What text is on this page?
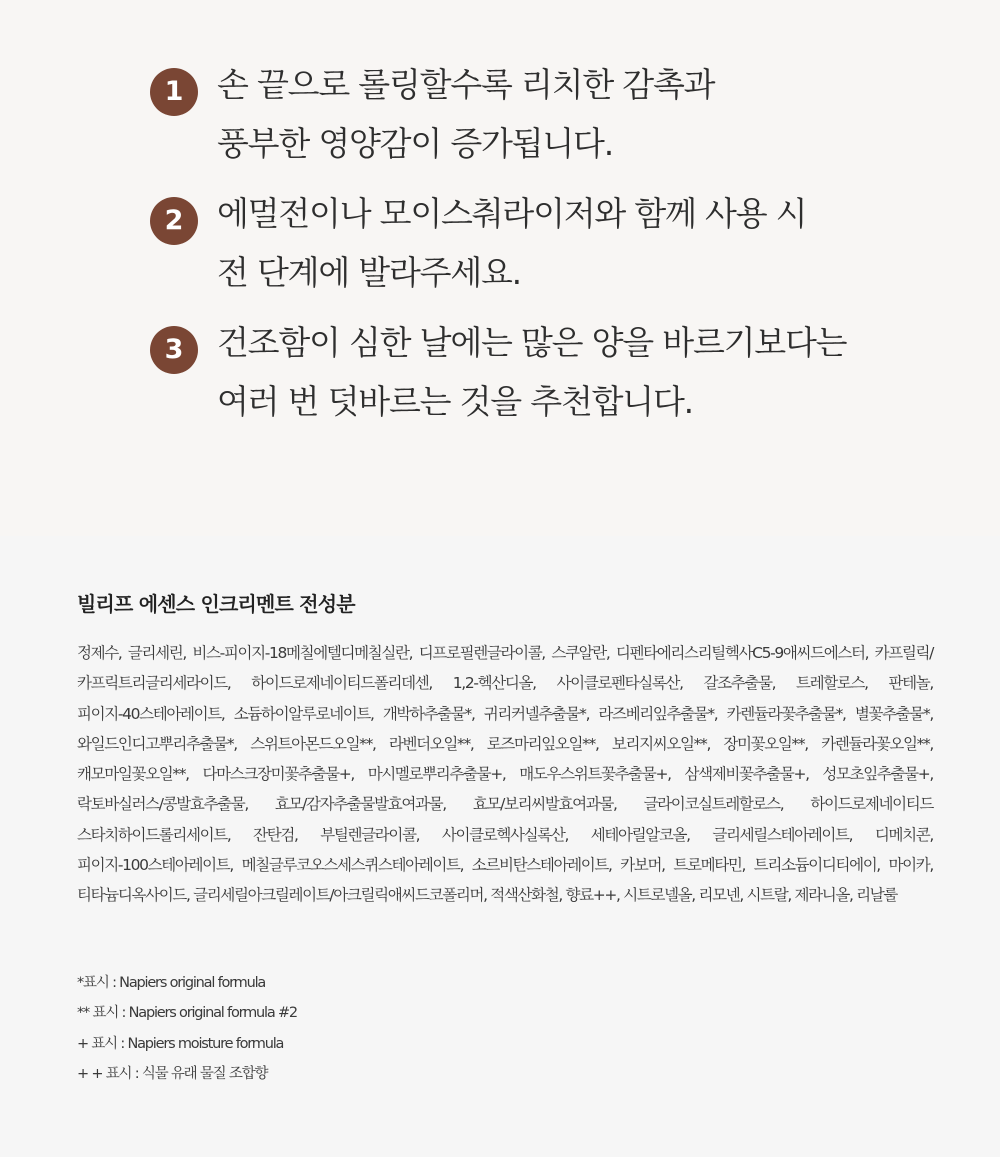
1	손 끝으로 롤링할수록 리치한 감촉과
풍부한 영양감이 증가됩니다.
2	에멀전이나 모이스춰라이저와 함께 사용 시
전 단계에 발라주세요.
3	건조함이 심한 날에는 많은 양을 바르기보다는
여러 번 덧바르는 것을 추천합니다.
빌리프 에센스 인크리멘트 전성분

정제수, 글리세린, 비스-피이지-18메칠에텔디메칠실란, 디프로필렌글라이콜, 스쿠알란, 디펜타에리스리틸헥사C5-9애씨드에스터, 카프릴릭/카프릭트리글리세라이드, 하이드로제네이티드폴리데센, 1,2-헥산디올, 사이클로펜타실록산, 갈조추출물, 트레할로스, 판테놀, 피이지-40스테아레이트, 소듐하이알루로네이트, 개박하추출물*, 귀리커넬추출물*, 라즈베리잎추출물*, 카렌듈라꽃추출물*, 별꽃추출물*, 와일드인디고뿌리추출물*, 스위트아몬드오일**, 라벤더오일**, 로즈마리잎오일**, 보리지씨오일**, 장미꽃오일**, 카렌듈라꽃오일**, 캐모마일꽃오일**, 다마스크장미꽃추출물+, 마시멜로뿌리추출물+, 매도우스위트꽃추출물+, 삼색제비꽃추출물+, 성모초잎추출물+, 락토바실러스/콩발효추출물, 효모/감자추출물발효여과물, 효모/보리씨발효여과물, 글라이코실트레할로스, 하이드로제네이티드 스타치하이드롤리세이트, 잔탄검, 부틸렌글라이콜, 사이클로헥사실록산, 세테아릴알코올, 글리세릴스테아레이트, 디메치콘, 피이지-100스테아레이트, 메칠글루코오스세스퀴스테아레이트, 소르비탄스테아레이트, 카보머, 트로메타민, 트리소듐이디티에이, 마이카, 티타늄디옥사이드, 글리세릴아크릴레이트/아크릴릭애씨드코폴리머, 적색산화철, 향료++, 시트로넬올, 리모넨, 시트랄, 제라니올, 리날룰

*표시 : Napiers original formula
** 표시 : Napiers original formula #2
+ 표시 : Napiers moisture formula
+ + 표시 : 식물 유래 물질 조합향
